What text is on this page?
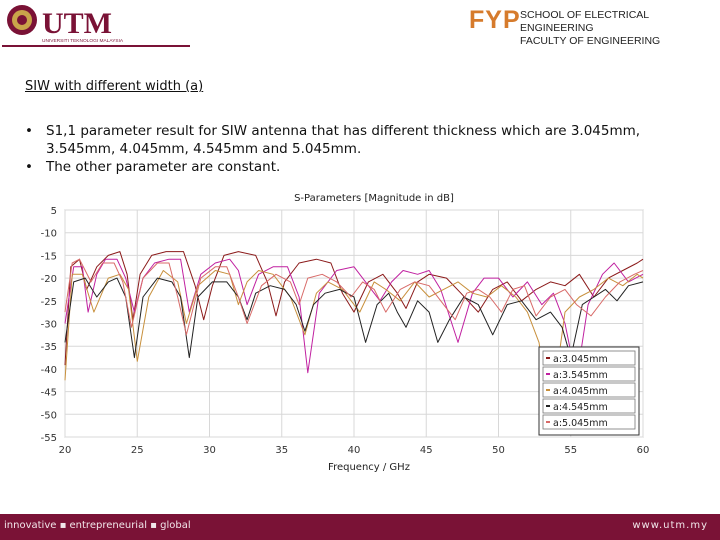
UTM
UNIVERSITI TEKNOLOGI MALAYSIA
FYP SCHOOL OF ELECTRICAL ENGINEERING
FACULTY OF ENGINEERING
SIW with different width (a)
• S1,1 parameter result for SIW antenna that has different thickness which are 3.045mm, 3.545mm, 4.045mm, 4.545mm and 5.045mm.
• The other parameter are constant.
20	25	30	35	40	45	50	55	60
5
-10
-15
-20
-25
-30
-35
-40
-45
-50
-55
S-Parameters [Magnitude in dB]
Frequency / GHz
a:3.045mm
a:3.545mm
a:4.045mm
a:4.545mm
a:5.045mm
innovative ▪ entrepreneurial ▪ global	www.utm.my
